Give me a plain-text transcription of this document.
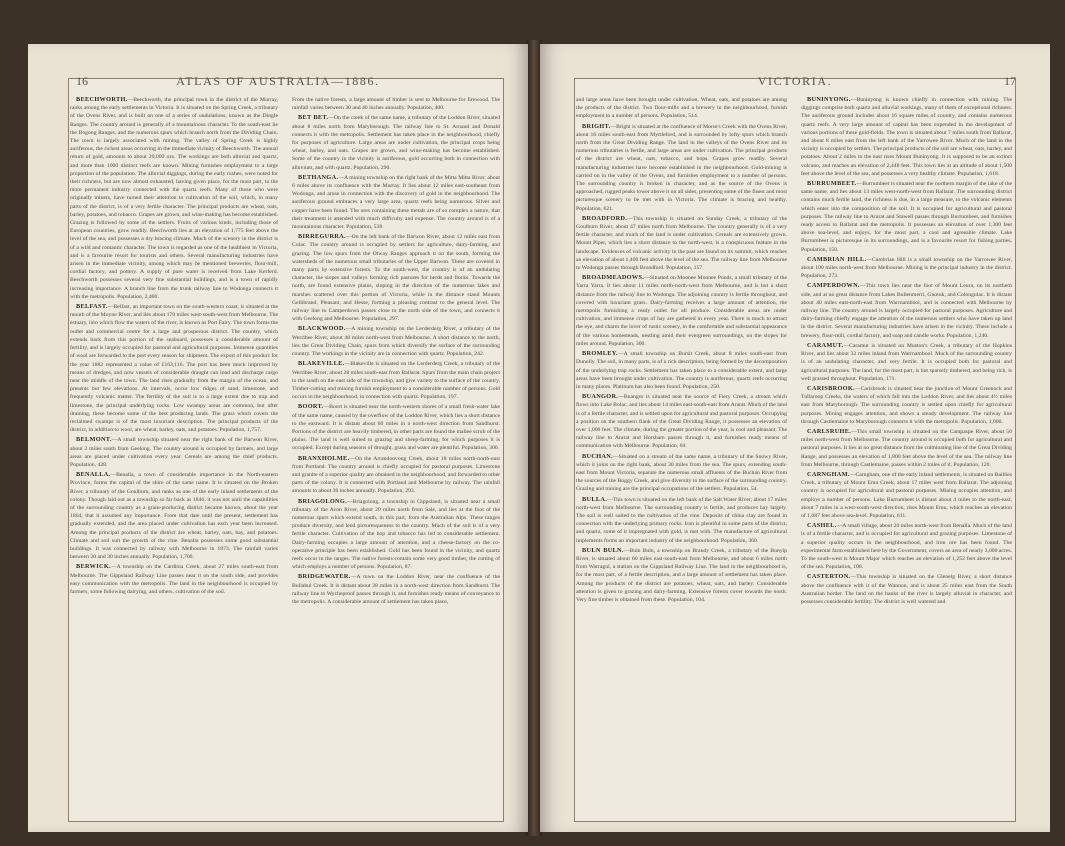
16	ATLAS OF AUSTRALIA—1886.

BEECHWORTH.—Beechworth, the principal town in the district of the Murray, ranks among the early settlements in Victoria. It is situated on the Spring Creek, a tributary of the Ovens River, and is built on one of a series of undulations, known as the Dingle Ranges. The country around is generally of a mountainous character. To the south-east lie the Bogong Ranges, and the numerous spurs which branch north from the Dividing Chain. The town is largely associated with mining. The valley of Spring Creek is highly auriferous, the richest areas occurring in the immediate vicinity of Beechworth. The annual return of gold, amounts to about 20,000 ozs. The workings are both alluvial and quartz, and more than 1000 distinct reefs are known. Mining furnishes employment to a large proportion of the population. The alluvial diggings, during the early rushes, were noted for their richness, but are now almost exhausted, having given place, for the most part, to the more permanent industry connected with the quartz reefs. Many of those who were originally miners, have turned their attention to cultivation of the soil, which, in many parts of the district, is of a very fertile character. The principal products are wheat, oats, barley, potatoes, and tobacco. Grapes are grown, and wine-making has become established. Grazing is followed by some of the settlers. Fruits of various kinds, including those of European countries, grow readily. Beechworth lies at an elevation of 1,775 feet above the level of the sea, and possesses a dry bracing climate. Much of the scenery in the district is of a wild and romantic character. The town is regarded as one of the healthiest in Victoria, and is a favourite resort for tourists and others. Several manufacturing industries have arisen in the immediate vicinity, among which may be mentioned breweries, flour-mill, cordial factory, and pottery. A supply of pure water is received from Lake Kerferd. Beechworth possesses several very fine substantial buildings, and is a town of rapidly increasing importance. A branch line from the trunk railway line to Wodonga connects it with the metropolis. Population, 2,400.

BELFAST.—Belfast, an important town on the south-western coast, is situated at the mouth of the Moyne River, and lies about 170 miles west-south-west from Melbourne. The estuary, into which flow the waters of the river, is known as Port Fairy. The town forms the outlet and commercial centre for a large and prosperous district. The country, which extends back from this portion of the seaboard, possesses a considerable amount of fertility, and is largely occupied for pastoral and agricultural purposes. Immense quantities of wool are forwarded to the port every season for shipment. The export of this product for the year 1882 represented a value of £163,116. The port has been much improved by means of dredges, and now vessels of considerable draught can load and discharge cargo near the middle of the town. The land rises gradually from the margin of the ocean, and presents but few elevations. At intervals, occur low ridges of sand, limestone, and frequently volcanic matter. The fertility of the soil is to a large extent due to trap and limestone, the principal underlying rocks. Low swampy areas are common, but after draining, these become some of the best producing lands. The grass which covers the reclaimed swamps is of the most luxuriant description. The principal products of the district, in addition to wool, are wheat, barley, oats, and potatoes. Population, 1,757.

BELMONT.—A small township situated near the right bank of the Barwon River, about 2 miles south from Geelong. The country around is occupied by farmers, and large areas are placed under cultivation every year. Cereals are among the chief products. Population, 428.

BENALLA.—Benalla, a town of considerable importance in the North-eastern Province, forms the capital of the shire of the same name. It is situated on the Broken River, a tributary of the Goulburn, and ranks as one of the early inland settlements of the colony. Though laid out as a township so far back as 1846, it was not until the capabilities of the surrounding country as a grain-producing district became known, about the year 1864, that it assumed any importance. From that date until the present, settlement has gradually extended, and the area placed under cultivation has each year been increased. Among the principal products of the district are wheat, barley, oats, hay, and potatoes. Climate and soil suit the growth of the vine. Benalla possesses some good substantial buildings. It was connected by railway with Melbourne in 1873. The rainfall varies between 20 and 30 inches annually. Population, 1,700.

BERWICK.—A township on the Cardinia Creek, about 27 miles south-east from Melbourne. The Gippsland Railway Line passes near it on the south side, and provides easy communication with the metropolis. The land in the neighbourhood is occupied by farmers, some following dairying, and others, cultivation of the soil.

From the native forests, a large amount of timber is sent to Melbourne for firewood. The rainfall varies between 30 and 40 inches annually. Population, 400.

BET BET.—On the creek of the same name, a tributary of the Loddon River, situated about 8 miles north from Maryborough. The railway line to St. Arnaud and Donald connects it with the metropolis. Settlement has taken place in the neighbourhood, chiefly for purposes of agriculture. Large areas are under cultivation, the principal crops being wheat, barley, and oats. Grapes are grown, and wine-making has become established. Some of the country in the vicinity is auriferous, gold occurring both in connection with alluvium, and with quartz. Population, 290.

BETHANGA.—A mining township on the right bank of the Mitta Mitta River, about 6 miles above its confluence with the Murray. It lies about 12 miles east-southeast from Wodonga, and arose in connection with the discovery of gold in the neighbourhood. The auriferous ground embraces a very large area, quartz reefs being numerous. Silver and copper have been found. The ores containing these metals are of so complex a nature, that their treatment is attended with much difficulty and expense. The country around is of a mountainous character. Population, 538.

BIRREGURRA.—On the left bank of the Barwon River, about 12 miles east from Colac. The country around is occupied by settlers for agriculture, dairy-farming, and grazing. The low spurs from the Otway Ranges approach it on the south, forming the watersheds of the numerous small tributaries of the Upper Barwon. These are covered in many parts by extensive forests. To the south-west, the country is of an undulating character, the slopes and valleys forming rich pastures for herds and flocks. Towards the north, are found extensive plains, sloping in the direction of the numerous lakes and marshes scattered over this portion of Victoria, while in the distance stand Mounts Gellibrand, Pleasant, and Hesse, forming a pleasing contrast to the general level. The railway line to Camperdown passes close to the north side of the town, and connects it with Geelong and Melbourne. Population, 297.

BLACKWOOD.—A mining township on the Lerderderg River, a tributary of the Werribee River, about 48 miles north-west from Melbourne. A short distance to the north, lies the Great Dividing Chain, spurs from which diversify the surface of the surrounding country. The workings in the vicinity are in connection with quartz. Population, 242.

BLAKEVILLE.—Blakeville is situated on the Lerderderg Creek, a tributary of the Werribee River, about 28 miles south-east from Ballarat. Spurs from the main chain project to the south on the east side of the township, and give variety to the surface of the country. Timber-cutting and mining furnish employment to a considerable number of persons. Gold occurs in the neighbourhood, in connection with quartz. Population, 197.

BOORT.—Boort is situated near the north-western shores of a small fresh-water lake of the same name, caused by the overflow of the Loddon River, which lies a short distance to the eastward. It is distant about 60 miles in a north-west direction from Sandhurst. Portions of the district are heavily timbered, in other parts are found the mallee scrub of the plains. The land is well suited to grazing and sheep-farming, for which purposes it is occupied. Except during seasons of drought, grass and water are plentiful. Population, 300.

BRANXHOLME.—On the Arrandoovong Creek, about 18 miles north-north-east from Portland. The country around is chiefly occupied for pastoral purposes. Limestone and granite of a superior quality are obtained in the neighbourhood, and forwarded to other parts of the colony. It is connected with Portland and Melbourne by railway. The rainfall amounts to about 30 inches annually. Population, 293.

BRIAGOLONG.—Briagolong, a township in Gippsland, is situated near a small tributary of the Avon River, about 20 miles north from Sale, and lies at the foot of the numerous spurs which extend south, in this part, from the Australian Alps. These ranges produce diversity, and lend picturesqueness to the country. Much of the soil is of a very fertile character. Cultivation of the hop and tobacco has led to considerable settlement. Dairy-farming occupies a large amount of attention, and a cheese-factory on the co-operative principle has been established. Gold has been found in the vicinity, and quartz reefs occur in the ranges. The native forests contain some very good timber, the cutting of which employs a number of persons. Population, 87.

BRIDGEWATER.—A town on the Loddon River, near the confluence of the Bullabul Creek. It is distant about 28 miles in a north-west direction from Sandhurst. The railway line to Wycheproof passes through it, and furnishes ready means of conveyance to the metropolis. A considerable amount of settlement has taken place,

VICTORIA.	17

and large areas have been brought under cultivation. Wheat, oats, and potatoes are among the products of the district. Two flour-mills and a brewery in the neighbourhood, furnish employment to a number of persons. Population, 514.

BRIGHT.—Bright is situated at the confluence of Morse's Creek with the Ovens River, about 16 miles south-east from Myrtleford, and is surrounded by lofty spurs which branch north from the Great Dividing Range. The land in the valleys of the Ovens River and its numerous tributaries is fertile, and large areas are under cultivation. The principal products of the district are wheat, oats, tobacco, and hops. Grapes grow readily. Several manufacturing industries have become established in the neighbourhood. Gold-mining is carried on in the valley of the Ovens, and furnishes employment to a number of persons. The surrounding country is broken in character, and as the source of the Ovens is approached, rugged peaks tower above it on all sides, presenting some of the finest and most picturesque scenery to be met with in Victoria. The climate is bracing and healthy. Population, 621.

BROADFORD.—This township is situated on Sunday Creek, a tributary of the Goulburn River, about 47 miles north from Melbourne. The country generally is of a very fertile character, and much of the land is under cultivation. Cereals are extensively grown. Mount Piper, which lies a short distance to the north-west, is a conspicuous feature in the landscape. Evidences of volcanic activity in the past are found on its summit, which reaches an elevation of about 1,400 feet above the level of the sea. The railway line from Melbourne to Wodonga passes through Broadford. Population, 157.

BROADMEADOWS.—Situated on Moonee Moonee Ponds, a small tributary of the Yarra Yarra. It lies about 11 miles north-north-west from Melbourne, and is but a short distance from the railway line to Wodonga. The adjoining country is fertile throughout, and covered with luxuriant grass. Dairy-farming receives a large amount of attention, the metropolis furnishing a ready outlet for all produce. Considerable areas are under cultivation, and immense crops of hay are gathered in every year. There is much to attract the eye, and charm the lover of rustic scenery, in the comfortable and substantial appearance of the various homesteads, nestling amid their evergreen surroundings, on the slopes for miles around. Population, 300.

BROMLEY.—A small township on Bursit Creek, about 8 miles south-east from Dunolly. The soil, in many parts, is of a rich description, being formed by the decomposition of the underlying trap rocks. Settlement has taken place to a considerable extent, and large areas have been brought under cultivation. The country is auriferous, quartz reefs occurring in many places. Platinum has also been found. Population, 250.

BUANGOR.—Buangor is situated near the source of Fiery Creek, a stream which flows into Lake Bolac, and lies about 14 miles east-south-east from Ararat. Much of the land is of a fertile character, and is settled upon for agricultural and pastoral purposes. Occupying a position on the southern flank of the Great Dividing Range, it possesses an elevation of over 1,000 feet. The climate, during the greater portion of the year, is cool and pleasant. The railway line to Ararat and Horsham passes through it, and furnishes ready means of communication with Melbourne. Population, 60.

BUCHAN.—Situated on a stream of the same name, a tributary of the Snowy River, which it joins on the right bank, about 30 miles from the sea. The spurs, extending south-east from Mount Victoria, separate the numerous small affluents of the Buchan River from the sources of the Boggy Creek, and give diversity to the surface of the surrounding country. Grazing and mining are the principal occupations of the settlers. Population, 54.

BULLA.—This town is situated on the left bank of the Salt Water River, about 17 miles north-west from Melbourne. The surrounding country is fertile, and produces hay largely. The soil is well suited to the cultivation of the vine. Deposits of china clay are found in connection with the underlying primary rocks. Iron is plentiful in some parts of the district, and quartz, some of it impregnated with gold, is met with. The manufacture of agricultural implements forms an important industry of the neighbourhood. Population, 360.

BULN BULN.—Buln Buln, a township on Brandy Creek, a tributary of the Bunyip River, is situated about 60 miles east-south-east from Melbourne, and about 6 miles north from Warragul, a station on the Gippsland Railway Line. The land in the neighbourhood is, for the most part, of a fertile description, and a large amount of settlement has taken place. Among the products of the district are potatoes, wheat, oats, and barley. Considerable attention is given to grazing and dairy-farming. Extensive forests cover towards the north. Very fine timber is obtained from these. Population, 104.

BUNINYONG.—Buninyong is known chiefly in connection with mining. The diggings comprise both quartz and alluvial workings, many of them of exceptional richness. The auriferous ground includes about 16 square miles of country, and contains numerous quartz reefs. A very large amount of capital has been expended in the development of various portions of these gold-fields. The town is situated about 7 miles south from Ballarat, and about 8 miles east from the left bank of the Yarrowee River. Much of the land in the vicinity is occupied by settlers. The principal products of the soil are wheat, oats, barley, and potatoes. About 2 miles to the east rises Mount Buninyong. It is supposed to be an extinct volcano, and reaches an elevation of 2,448 feet. This town lies at an altitude of about 1,500 feet above the level of the sea, and possesses a very healthy climate. Population, 1,618.

BURRUMBEET.—Burrumbeet is situated near the northern margin of the lake of the same name, and lies about 13 miles west-north-west from Ballarat. The surrounding district contains much fertile land, the richness is due, in a large measure, to the volcanic elements which enter into the composition of the soil. It is occupied for agricultural and pastoral purposes. The railway line to Ararat and Stawell passes through Burrumbeet, and furnishes ready access to Ballarat and the metropolis. It possesses an elevation of over 1,300 feet above sea-level, and enjoys, for the most part, a cool and agreeable climate. Lake Burrumbeet is picturesque in its surroundings, and is a favourite resort for fishing parties. Population, 150.

CAMBRIAN HILL.—Cambrian Hill is a small township on the Yarrowee River, about 100 miles north-west from Melbourne. Mining is the principal industry in the district. Population, 273.

CAMPERDOWN.—This town lies near the foot of Mount Leura, on its northern side, and at no great distance from Lakes Bullenmerri, Gnotuk, and Colongulac. It is distant about 40 miles east-north-east from Warrnambool, and is connected with Melbourne by railway line. The country around is largely occupied for pastoral purposes. Agriculture and dairy-farming chiefly engage the attention of the numerous settlers who have taken up land in the district. Several manufacturing industries have arisen in the vicinity. These include a brewery, flour-mill, cordial factory, and soap and candle works. Population, 1,246.

CARAMUT.—Caramut is situated on Muston's Creek, a tributary of the Hopkins River, and lies about 32 miles inland from Warrnambool. Much of the surrounding country is of an undulating character, and very fertile. It is occupied both for pastoral and agricultural purposes. The land, for the most part, is but sparsely timbered, and being rich, is well grassed throughout. Population, 171.

CARISBROOK.—Carisbrook is situated near the junction of Mount Greenock and Tullaroop Creeks, the waters of which fall into the Loddon River, and lies about 4½ miles east from Maryborough. The surrounding country is settled upon chiefly for agricultural purposes. Mining engages attention, and shows a steady development. The railway line through Castlemaine to Maryborough connects it with the metropolis. Population, 1,000.

CARLSRUHE.—This small township is situated on the Campaspe River, about 50 miles north-west from Melbourne. The country around is occupied both for agricultural and pastoral purposes. It lies at no great distance from the culminating line of the Great Dividing Range, and possesses an elevation of 1,800 feet above the level of the sea. The railway line from Melbourne, through Castlemaine, passes within 2 miles of it. Population, 120.

CARNGHAM.—Carngham, one of the early inland settlements, is situated on Baillies Creek, a tributary of Mount Emu Creek, about 17 miles west from Ballarat. The adjoining country is occupied for agricultural and pastoral purposes. Mining occupies attention, and employs a number of persons. Lake Burrumbeet is distant about 4 miles to the north-east; about 7 miles in a west-south-west direction, rises Mount Emu, which reaches an elevation of 1,687 feet above sea-level. Population, 611.

CASHEL.—A small village, about 20 miles north-west from Benalla. Much of the land is of a fertile character, and is occupied for agricultural and grazing purposes. Limestone of a superior quality occurs in the neighbourhood, and iron ore has been found. The experimental farm established here by the Government, covers an area of nearly 3,000 acres. To the south-west is Mount Major which reaches an elevation of 1,252 feet above the level of the sea. Population, 108.

CASTERTON.—This township is situated on the Glenelg River, a short distance above the confluence with it of the Wannon, and is about 25 miles east from the South Australian border. The land on the banks of the river is largely alluvial in character, and possesses considerable fertility. The district is well watered and
